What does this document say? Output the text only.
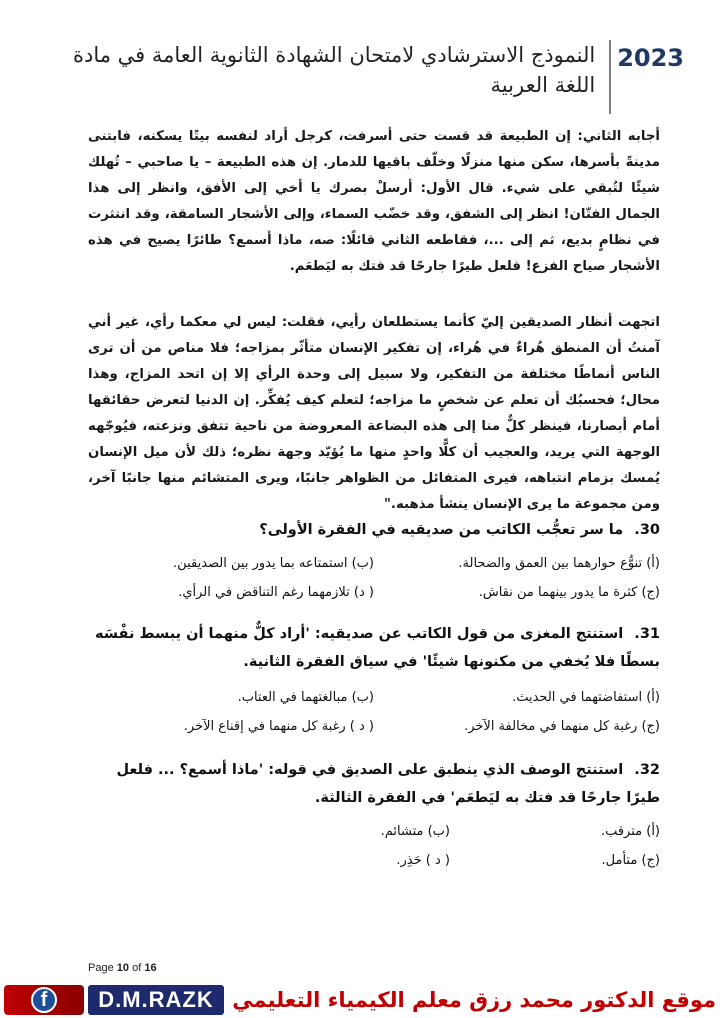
2023
النموذج الاسترشادي لامتحان الشهادة الثانوية العامة في مادة اللغة العربية

أجابه الثاني: إن الطبيعة قد قست حتى أسرفت، كرجل أراد لنفسه بيتًا يسكنه، فابتنى مدينةً بأسرها، سكن منها منزلًا وخلّف باقيها للدمار. إن هذه الطبيعة – يا صاحبي – تُهلك شيئًا لتُبقي على شيء. قال الأول: أرسلْ بصرك يا أخي إلى الأفق، وانظر إلى هذا الجمال الفتّان! انظر إلى الشفق، وقد خضّب السماء، وإلى الأشجار السامقة، وقد انتثرت في نظامٍ بديع، ثم إلى ...، فقاطعه الثاني قائلًا: صه، ماذا أسمع؟ طائرًا يصيح في هذه الأشجار صياح الفزع! فلعل طيرًا جارحًا قد فتك به ليَطعَم.

اتجهت أنظار الصديقين إليّ كأنما يستطلعان رأيي، فقلت: ليس لي معكما رأي، غير أني آمنتُ أن المنطق هُراءٌ في هُراء، إن تفكير الإنسان متأثّر بمزاجه؛ فلا مناص من أن ترى الناس أنماطًا مختلفة من التفكير، ولا سبيل إلى وحدة الرأي إلا إن اتحد المزاج، وهذا محال؛ فحسبُك أن تعلم عن شخصٍ ما مزاجه؛ لتعلم كيف يُفكِّر. إن الدنيا لتعرض حقائقها أمام أبصارنا، فينظر كلٌّ منا إلى هذه البضاعة المعروضة من ناحية تتفق ونزعته، فيُوجّهه الوجهة التي يريد، والعجيب أن كلًّا واحدٍ منها ما يُؤيّد وجهة نظره؛ ذلك لأن ميل الإنسان يُمسك بزمام انتباهه، فيرى المتفائل من الظواهر جانبًا، ويرى المتشائم منها جانبًا آخر، ومن مجموعة ما يرى الإنسان ينشأ مذهبه."

30. ما سر تعجُّب الكاتب من صديقيه في الفقرة الأولى؟
(أ) تنوُّع حوارهما بين العمق والضحالة.
(ب) استمتاعه بما يدور بين الصديقين.
(ج) كثرة ما يدور بينهما من نقاش.
( د) تلازمهما رغم التناقض في الرأي.
31. استنتج المغزى من قول الكاتب عن صديقيه: 'أراد كلٌّ منهما أن يبسط نفْسَه بسطًا فلا يُخفي من مكنونها شيئًا' في سياق الفقرة الثانية.
(أ) استفاضتهما في الحديث.
(ب) مبالغتهما في العتاب.
(ج) رغبة كل منهما في مخالفة الآخر.
( د ) رغبة كل منهما في إقناع الآخر.
32. استنتج الوصف الذي ينطبق على الصديق في قوله: 'ماذا أسمع؟ ... فلعل طيرًا جارحًا قد فتك به ليَطعَم' في الفقرة الثالثة.
(أ) مترقب.
(ب) متشائم.
(ج) متأمل.
( د ) حَذِر.
Page 10 of 16
f	D.M.RAZK موقع الدكتور محمد رزق معلم الكيمياء التعليمي
